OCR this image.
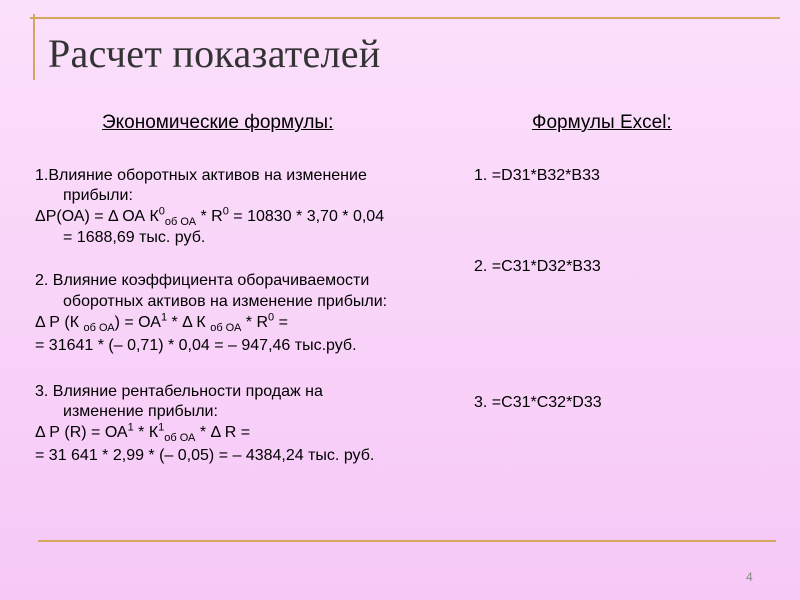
Расчет показателей
Экономические формулы:	Формулы Excel:
1.Влияние оборотных активов на изменение
прибыли:
ΔР(ОА) = Δ ОА $К^0_{об ОА} * R^0 = 10830 * 3,70 * 0,04$
= 1688,69 тыс. руб.
2. Влияние коэффициента оборачиваемости
оборотных активов на изменение прибыли:
Δ Р (К $_{об ОА}) = ОА^1 * \Delta$ К $_{об ОА} * R^0$ =
= 31641 * (– 0,71) * 0,04 = – 947,46 тыс.руб.
3. Влияние рентабельности продаж на
изменение прибыли:
Δ Р $(R) = ОА^1 * К^1_{об ОА} * \Delta$ R =
= 31 641 * 2,99 * (– 0,05) = – 4384,24 тыс. руб.
1. =D31*B32*B33
2. =C31*D32*B33
3. =C31*C32*D33
4
